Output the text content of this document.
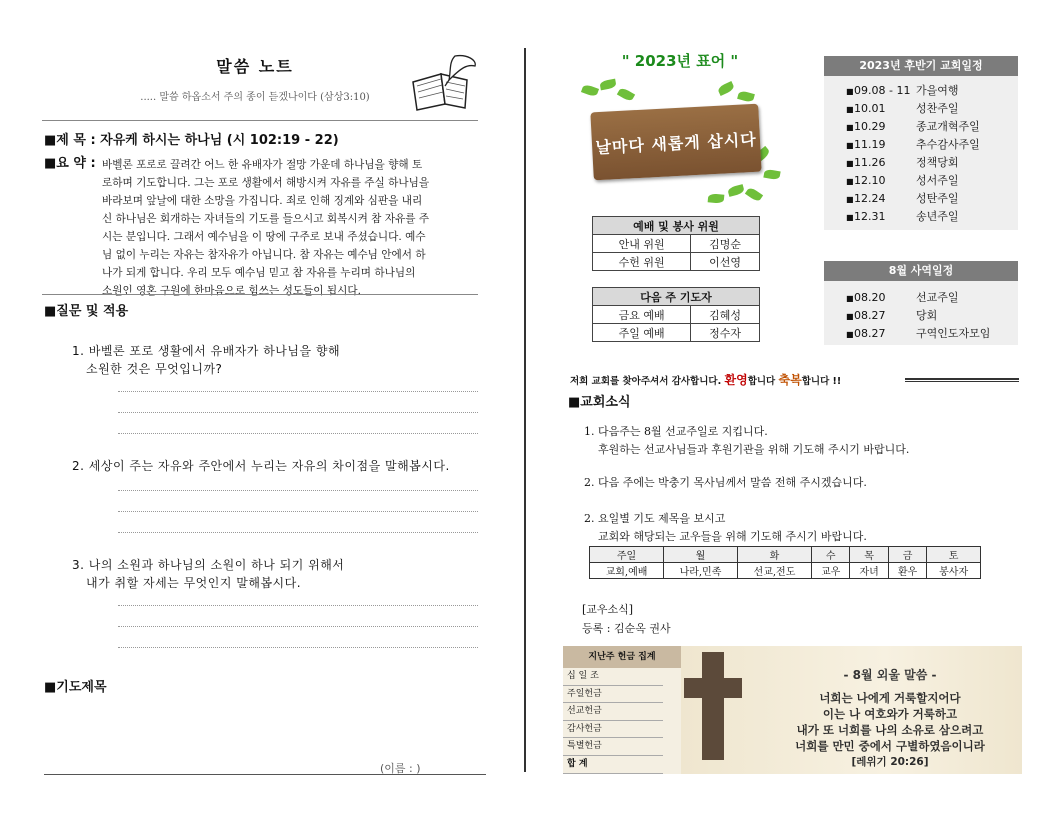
말씀 노트
..... 말씀 하옵소서 주의 종이 듣겠나이다 (삼상3:10)
■제 목 : 자유케 하시는 하나님 (시 102:19 - 22)
■요 약 : 바벨론 포로로 끌려간 어느 한 유배자가 절망 가운데 하나님을 향해 토
로하며 기도합니다. 그는 포로 생활에서 해방시켜 자유를 주실 하나님을
바라보며 앞날에 대한 소망을 가집니다. 죄로 인해 징계와 심판을 내리
신 하나님은 회개하는 자녀들의 기도를 들으시고 회복시켜 참 자유를 주
시는 분입니다. 그래서 예수님을 이 땅에 구주로 보내 주셨습니다. 예수
님 없이 누리는 자유는 참자유가 아닙니다. 참 자유는 예수님 안에서 하
나가 되게 합니다. 우리 모두 예수님 믿고 참 자유를 누리며 하나님의
소원인 영혼 구원에 한마음으로 힘쓰는 성도들이 됩시다.
■질문 및 적용
1. 바벨론 포로 생활에서 유배자가 하나님을 향해
소원한 것은 무엇입니까?
2. 세상이 주는 자유와 주안에서 누리는 자유의 차이점을 말해봅시다.
3. 나의 소원과 하나님의 소원이 하나 되기 위해서
내가 취할 자세는 무엇인지 말해봅시다.
■기도제목
(이름 : )
" 2023년 표어 "
날마다 새롭게 삽시다
2023년 후반기 교회일정
■09.08 - 11 가을여행
■10.01	성찬주일
■10.29	종교개혁주일
■11.19	추수감사주일
■11.26	정책당회
■12.10	성서주일
■12.24	성탄주일
■12.31	송년주일
8월 사역일정
■08.20	선교주일
■08.27	당회
■08.27	구역인도자모임
예배 및 봉사 위원	
안내 위원	김명순
수헌 위원	이선영
다음 주 기도자	
금요 예배	김혜성
주일 예배	정수자
저희 교회를 찾아주셔서 감사합니다. 환영합니다 축복합니다 !!
■교회소식
1. 다음주는 8월 선교주일로 지킵니다.
후원하는 선교사님들과 후원기관을 위해 기도해 주시기 바랍니다.
2. 다음 주에는 박충기 목사님께서 말씀 전해 주시겠습니다.
2. 요일별 기도 제목을 보시고
교회와 해당되는 교우들을 위해 기도해 주시기 바랍니다.
주일	월	화	수	목	금	토
교회,예배	나라,민족	선교,전도	교우	자녀	환우	봉사자
[교우소식]
등록 : 김순옥 권사
지난주 헌금 집계
십 일 조
주일헌금
선교헌금
감사헌금
특별헌금
합 계
- 8월 외울 말씀 -
너희는 나에게 거룩할지어다
이는 나 여호와가 거룩하고
내가 또 너희를 나의 소유로 삼으려고
너희를 만민 중에서 구별하였음이니라
[레위기 20:26]
